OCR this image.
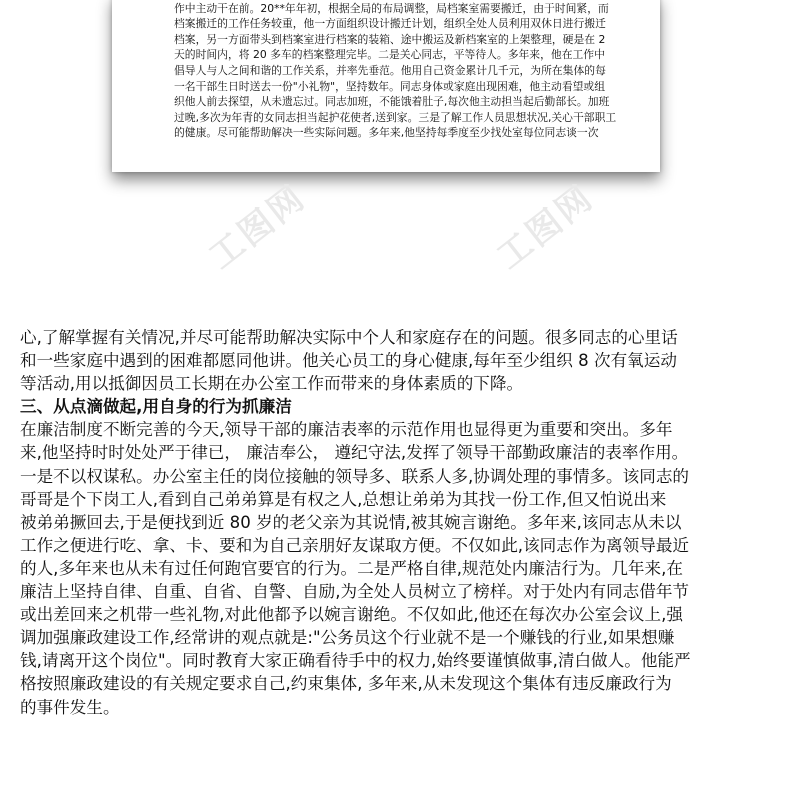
作中主动干在前。20**年年初，根据全局的布局调整，局档案室需要搬迁，由于时间紧，而
档案搬迁的工作任务较重，他一方面组织设计搬迁计划，组织全处人员利用双休日进行搬迁
档案，另一方面带头到档案室进行档案的装箱、途中搬运及新档案室的上架整理，硬是在 2
天的时间内，将 20 多车的档案整理完毕。二是关心同志，平等待人。多年来，他在工作中
倡导人与人之间和谐的工作关系，并率先垂范。他用自己资金累计几千元，为所在集体的每
一名干部生日时送去一份"小礼物"，坚持数年。同志身体或家庭出现困难，他主动看望或组
织他人前去探望，从未遗忘过。同志加班，不能饿着肚子,每次他主动担当起后勤部长。加班
过晚,多次为年青的女同志担当起护花使者,送到家。三是了解工作人员思想状况,关心干部职工
的健康。尽可能帮助解决一些实际问题。多年来,他坚持每季度至少找处室每位同志谈一次
工图网	工图网
心,了解掌握有关情况,并尽可能帮助解决实际中个人和家庭存在的问题。很多同志的心里话
和一些家庭中遇到的困难都愿同他讲。他关心员工的身心健康,每年至少组织 8 次有氧运动
等活动,用以抵御因员工长期在办公室工作而带来的身体素质的下降。
三、从点滴做起,用自身的行为抓廉洁
在廉洁制度不断完善的今天,领导干部的廉洁表率的示范作用也显得更为重要和突出。多年
来,他坚持时时处处严于律已， 廉洁奉公， 遵纪守法,发挥了领导干部勤政廉洁的表率作用。
一是不以权谋私。办公室主任的岗位接触的领导多、联系人多,协调处理的事情多。该同志的
哥哥是个下岗工人,看到自己弟弟算是有权之人,总想让弟弟为其找一份工作,但又怕说出来
被弟弟撅回去,于是便找到近 80 岁的老父亲为其说情,被其婉言谢绝。多年来,该同志从未以
工作之便进行吃、拿、卡、要和为自己亲朋好友谋取方便。不仅如此,该同志作为离领导最近
的人,多年来也从未有过任何跑官要官的行为。二是严格自律,规范处内廉洁行为。几年来,在
廉洁上坚持自律、自重、自省、自警、自励,为全处人员树立了榜样。对于处内有同志借年节
或出差回来之机带一些礼物,对此他都予以婉言谢绝。不仅如此,他还在每次办公室会议上,强
调加强廉政建设工作,经常讲的观点就是:"公务员这个行业就不是一个赚钱的行业,如果想赚
钱,请离开这个岗位"。同时教育大家正确看待手中的权力,始终要谨慎做事,清白做人。他能严
格按照廉政建设的有关规定要求自己,约束集体, 多年来,从未发现这个集体有违反廉政行为
的事件发生。
